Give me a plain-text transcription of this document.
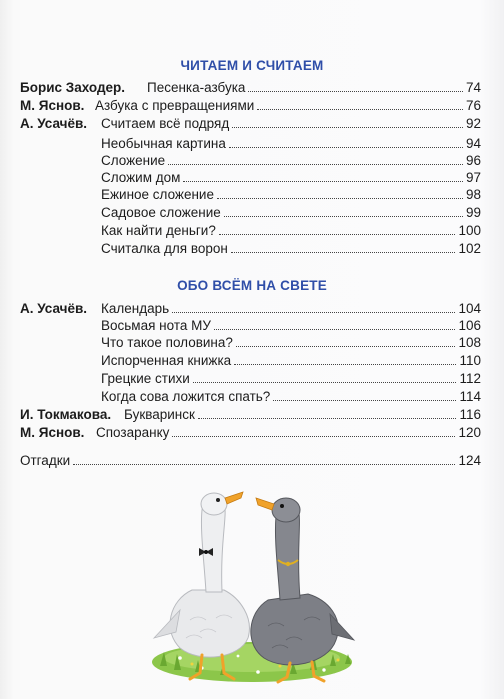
ЧИТАЕМ И СЧИТАЕМ
Борис Заходер. Песенка-азбука	74
М. Яснов. Азбука с превращениями	76
А. Усачёв. Считаем всё подряд	92
Необычная картина	94
Сложение	96
Сложим дом	97
Ежиное сложение	98
Садовое сложение	99
Как найти деньги?	100
Считалка для ворон	102
ОБО ВСЁМ НА СВЕТЕ
А. Усачёв. Календарь	104
Восьмая нота МУ	106
Что такое половина?	108
Испорченная книжка	110
Грецкие стихи	112
Когда сова ложится спать?	114
И. Токмакова. Букваринск	116
М. Яснов. Спозаранку	120
Отгадки	124
